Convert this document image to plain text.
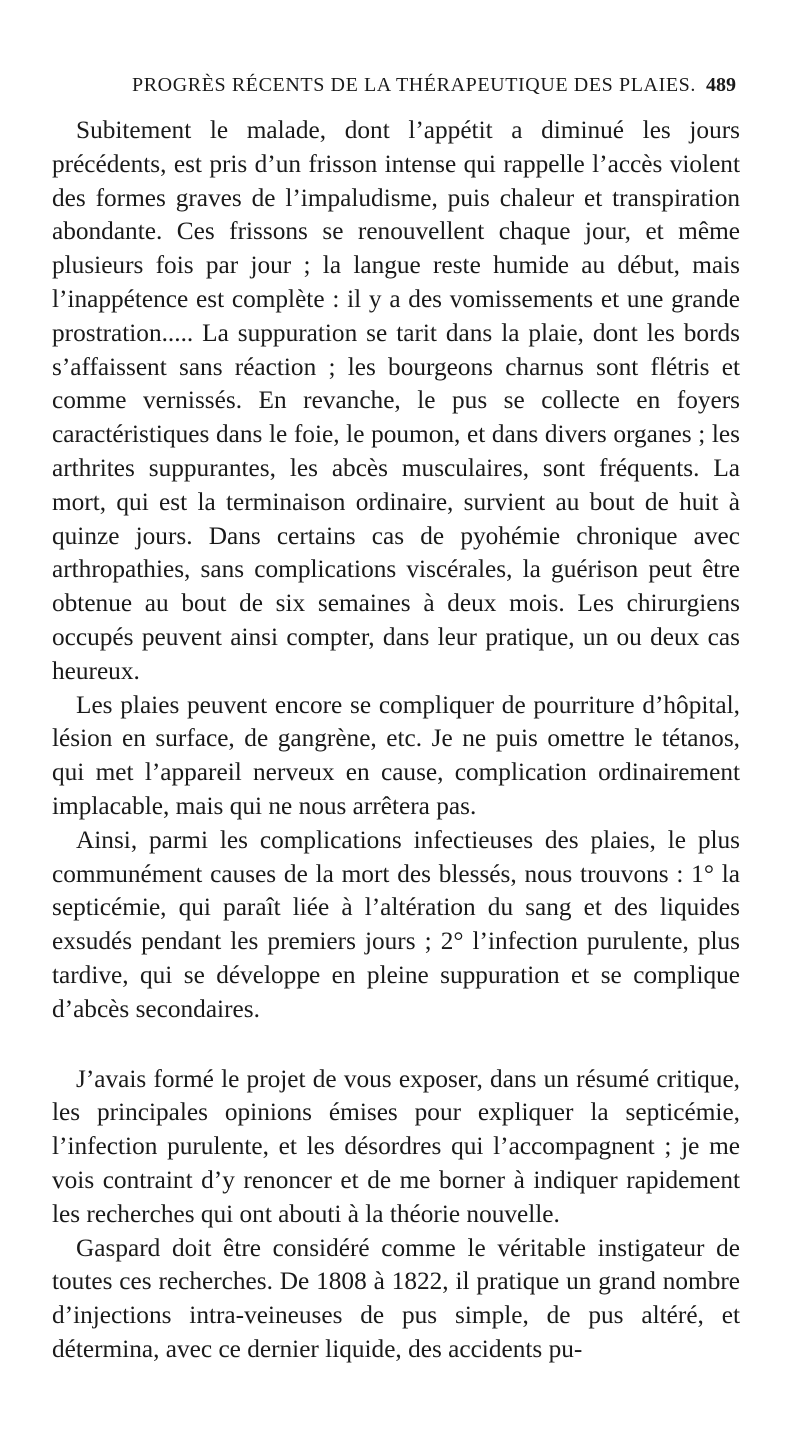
PROGRÈS RÉCENTS DE LA THÉRAPEUTIQUE DES PLAIES. 489

Subitement le malade, dont l’appétit a diminué les jours précédents, est pris d’un frisson intense qui rappelle l’accès violent des formes graves de l’impaludisme, puis chaleur et transpiration abondante. Ces frissons se renouvellent chaque jour, et même plusieurs fois par jour ; la langue reste humide au début, mais l’inappétence est complète : il y a des vomissements et une grande prostration..... La suppuration se tarit dans la plaie, dont les bords s’affaissent sans réaction ; les bourgeons charnus sont flétris et comme vernissés. En revanche, le pus se collecte en foyers caractéristiques dans le foie, le poumon, et dans divers organes ; les arthrites suppurantes, les abcès musculaires, sont fréquents. La mort, qui est la terminaison ordinaire, survient au bout de huit à quinze jours. Dans certains cas de pyohémie chronique avec arthropathies, sans complications viscérales, la guérison peut être obtenue au bout de six semaines à deux mois. Les chirurgiens occupés peuvent ainsi compter, dans leur pratique, un ou deux cas heureux.

Les plaies peuvent encore se compliquer de pourriture d’hôpital, lésion en surface, de gangrène, etc. Je ne puis omettre le tétanos, qui met l’appareil nerveux en cause, complication ordinairement implacable, mais qui ne nous arrêtera pas.

Ainsi, parmi les complications infectieuses des plaies, le plus communément causes de la mort des blessés, nous trouvons : 1° la septicémie, qui paraît liée à l’altération du sang et des liquides exsudés pendant les premiers jours ; 2° l’infection purulente, plus tardive, qui se développe en pleine suppuration et se complique d’abcès secondaires.

J’avais formé le projet de vous exposer, dans un résumé critique, les principales opinions émises pour expliquer la septicémie, l’infection purulente, et les désordres qui l’accompagnent ; je me vois contraint d’y renoncer et de me borner à indiquer rapidement les recherches qui ont abouti à la théorie nouvelle.

Gaspard doit être considéré comme le véritable instigateur de toutes ces recherches. De 1808 à 1822, il pratique un grand nombre d’injections intra-veineuses de pus simple, de pus altéré, et détermina, avec ce dernier liquide, des accidents pu-
